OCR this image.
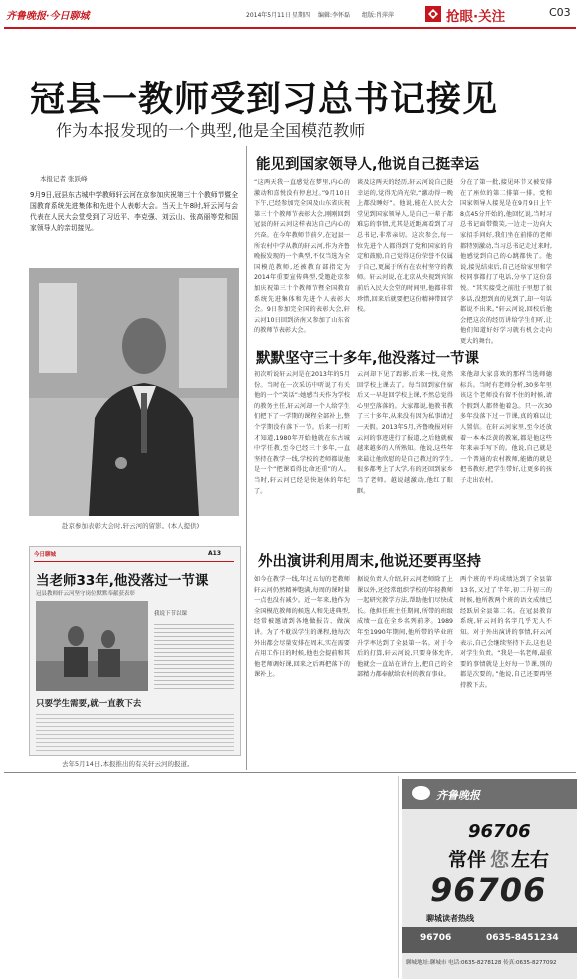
齐鲁晚报·今日聊城	2014年5月11日 星期四 编辑:李怀磊 组版:肖萍萍	抢眼·关注	C03
冠县一教师受到习总书记接见
作为本报发现的一个典型,他是全国模范教师
本报记者 张跃峰
9月9日,冠县东古城中学教师轩云河在京参加庆祝第三十个教师节暨全国教育系统先进集体和先进个人表彰大会。当天上午8时,轩云河与会代表在人民大会堂受到了习近平、李克强、刘云山、张高丽等党和国家领导人的亲切接见。
赴京参加表彰大会时,轩云河的留影。(本人提供)
能见到国家领导人,他说自己挺幸运
“这两天我一直感觉在梦里,内心的激动和喜悦没有停息过。”9月10日下午,已经参加完全国及山东省庆祝第三十个教师节表彰大会,刚刚回到冠县的轩云河这样表达自己内心的兴奋。在今年教师节前夕,在冠县一所农村中学从教的轩云河,作为齐鲁晚报发现的一个典型,不仅当选为全国模范教师,还被教育部指定为2014年重要宣传典型,受邀赴京参加庆祝第三十个教师节暨全国教育系统先进集体和先进个人表彰大会。9日参加完全国的表彰大会,轩云河10日回到济南又参加了山东省的教师节表彰大会。
谈及这两天的经历,轩云河说自己挺幸运的,觉得无尚光荣,“激动得一晚上都没睡好”。他说,能在人民大会堂见到国家领导人,是自己一辈子都难忘的事情,尤其是近距离看到了习总书记,非常亲切。这次参会,每一位先进个人都得到了党和国家的肯定和鼓励,自己觉得这份荣誉不仅属于自己,更属于所有在农村坚守的教师。轩云河说,在北京从央视到宾馆前后入民大会堂的时间里,他都非常珍惜,回来后就要把这份精神带回学校。
分在了第一批,接见环节又被安排在了座位的第二排第一排。党和国家领导人接见是在9月9日上午8点45分开始的,他回忆说,当时习总书记面带微笑,一边走一边向大家招手问好,我们坐在前排的老师都特别激动,当习总书记走过来时,他感觉到自己的心跳都快了。他说,接见结束后,自己还给家里和学校同事都打了电话,分享了这份喜悦。“其实接受之前肚子里想了很多话,没想到真的见到了,却一句话都说不出来。”轩云河说,回校后他会把这次的经历讲给学生们听,让他们知道好好学习就有机会走向更大的舞台。
默默坚守三十多年,他没落过一节课
初次听说轩云河是在2013年的5月份。当时在一次采访中听说了有关他的一个“笑话”:她感当天作为学校的教务主任,轩云河却一个人给学生们把下了一学期的课程全部补上,整个学期没有落下一节。后来一打听才知道,1980年开始他就在东古城中学任教,至今已经三十多年,一直坚持在教学一线,学校的老师都说他是一个“把课看得比命还重”的人。当时,轩云河已经是快退休的年纪了。
云河却下见了踪影,后来一找,竟然回学校上课去了。每当回到家住宿后又一早赶回学校上课,不然总觉得心里空落落的。大家都说,他教书教了三十多年,从来没有因为私事请过一天假。2013年5月,齐鲁晚报对轩云河的事迹进行了报道,之后他就被越来越多的人所熟知。他说,这些年来最让他欣慰的是自己教过的学生,很多都考上了大学,有的还回到家乡当了老师。越说越激动,他红了眼眶。
来他却大家喜欢的那样当选师德标兵。当时有老师分析,30多年里该这个老师没有留不住的时候,请个假到人都替他着急。只一次30多年没落下过一节课,真的难以让人置信。在轩云河家里,至今还放着一本本泛黄的教案,都是他这些年来亲手写下的。他说,自己就是一个普通的农村教师,能做的就是把书教好,把学生带好,让更多的孩子走出农村。
外出演讲利用周末,他说还要再坚持
如今在教学一线,年过五旬的老教师轩云河仍然精神饱满,每周的课时量一点也没有减少。近一年来,他作为全国模范教师的候选人和先进典型,经常被邀请到各地做报告、做演讲。为了不耽误学生的课程,他每次外出都会尽量安排在周末,实在需要占用工作日的时候,他也会提前和其他老师调好课,回来之后再把落下的课补上。
据说负责人介绍,轩云河老师除了上课以外,还经常组织学校的年轻教师一起研究教学方法,帮助他们尽快成长。他担任班主任期间,所带的班级成绩一直在全乡名列前茅。1989年至1990年期间,他所带的毕业班升学率达到了全县第一名。对于今后的打算,轩云河说,只要身体允许,他就会一直站在讲台上,把自己的全部精力都奉献给农村的教育事业。
两个班的平均成绩达到了全县第13名,又过了半年,初二升初三的时候,他所教两个班的语文成绩已经跃居全县第二名。在冠县教育系统,轩云河的名字几乎无人不知。对于外出演讲的事情,轩云河表示,自己会继续坚持下去,这也是对学生负责。“我是一名老师,最重要的事情就是上好每一节课,别的都是次要的。”他说,自己还要再坚持教下去。
今日聊城	A13
当老师33年,他没落过一节课
冠县教师轩云河坚守岗位默默奉献获表彰
我说下节以课
只要学生需要,就一直教下去
去年5月14日,本报推出的有关轩云河的报道。
齐鲁晚报
96706
常伴 您 左右
96706
聊城读者热线
96706	0635-8451234
聊城地址:聊城市 电话:0635-8278128 传真:0635-8277092
